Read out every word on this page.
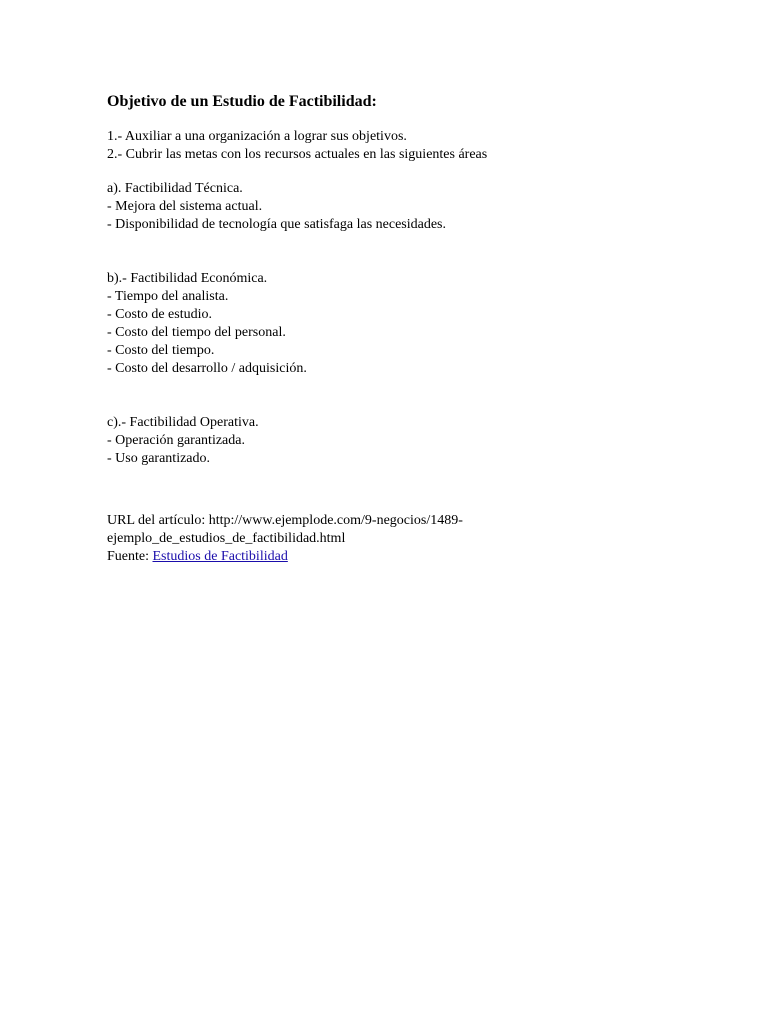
Objetivo de un Estudio de Factibilidad:
1.- Auxiliar a una organización a lograr sus objetivos.
2.- Cubrir las metas con los recursos actuales en las siguientes áreas
a). Factibilidad Técnica.
- Mejora del sistema actual.
- Disponibilidad de tecnología que satisfaga las necesidades.
b).- Factibilidad Económica.
- Tiempo del analista.
- Costo de estudio.
- Costo del tiempo del personal.
- Costo del tiempo.
- Costo del desarrollo / adquisición.
c).- Factibilidad Operativa.
- Operación garantizada.
- Uso garantizado.
URL del artículo: http://www.ejemplode.com/9-negocios/1489-
ejemplo_de_estudios_de_factibilidad.html
Fuente: Estudios de Factibilidad
